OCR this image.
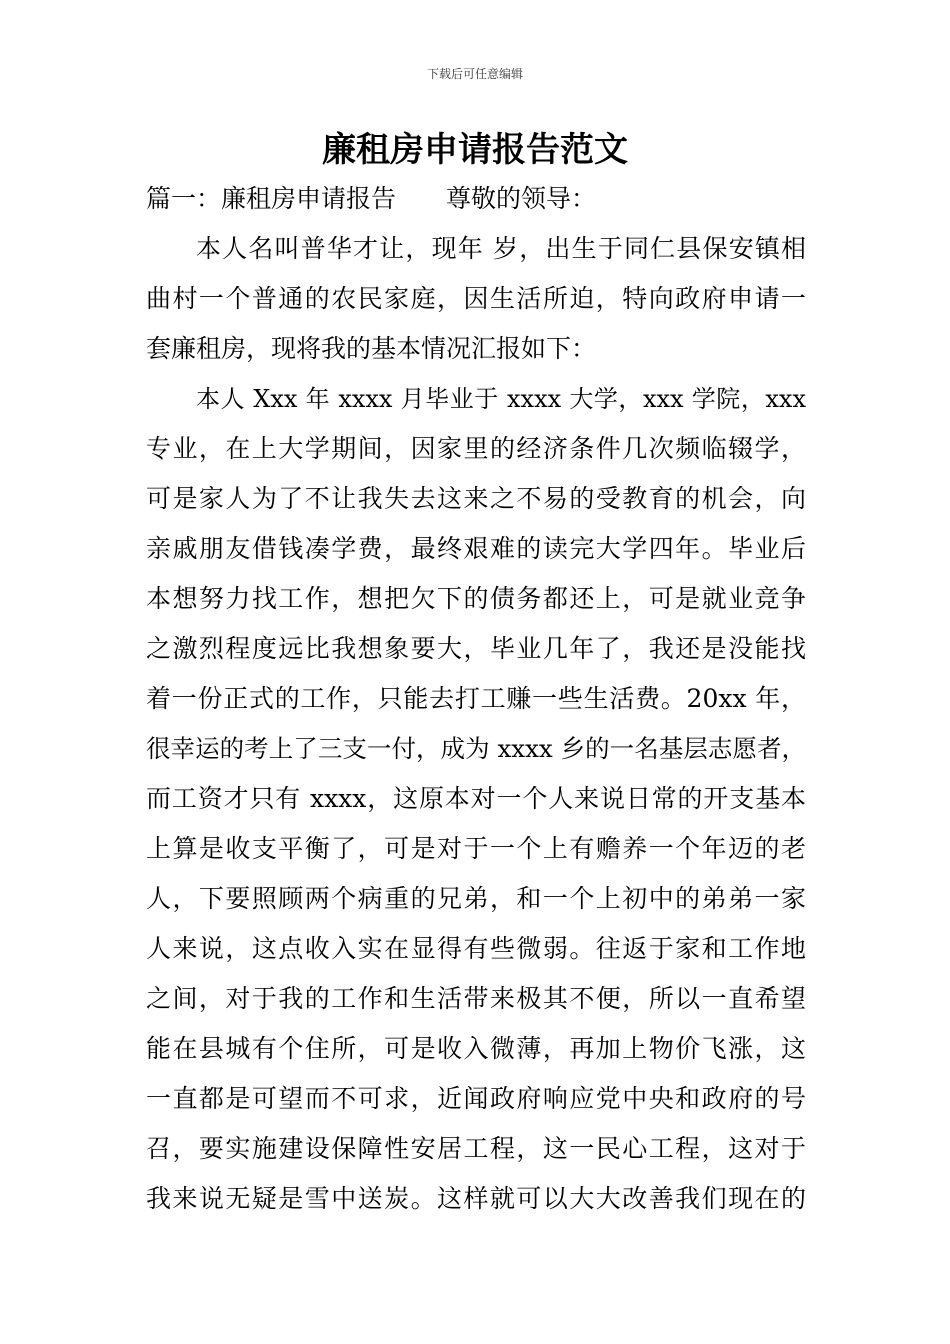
下载后可任意编辑
廉租房申请报告范文
篇一：廉租房申请报告 尊敬的领导：
本人名叫普华才让，现年 岁，出生于同仁县保安镇相
曲村一个普通的农民家庭，因生活所迫，特向政府申请一
套廉租房，现将我的基本情况汇报如下：
本人 Xxx 年 xxxx 月毕业于 xxxx 大学，xxx 学院，xxx
专业，在上大学期间，因家里的经济条件几次频临辍学，
可是家人为了不让我失去这来之不易的受教育的机会，向
亲戚朋友借钱凑学费，最终艰难的读完大学四年。毕业后
本想努力找工作，想把欠下的债务都还上，可是就业竞争
之激烈程度远比我想象要大，毕业几年了，我还是没能找
着一份正式的工作，只能去打工赚一些生活费。20xx 年，
很幸运的考上了三支一付，成为 xxxx 乡的一名基层志愿者，
而工资才只有 xxxx，这原本对一个人来说日常的开支基本
上算是收支平衡了，可是对于一个上有赡养一个年迈的老
人，下要照顾两个病重的兄弟，和一个上初中的弟弟一家
人来说，这点收入实在显得有些微弱。往返于家和工作地
之间，对于我的工作和生活带来极其不便，所以一直希望
能在县城有个住所，可是收入微薄，再加上物价飞涨，这
一直都是可望而不可求，近闻政府响应党中央和政府的号
召，要实施建设保障性安居工程，这一民心工程，这对于
我来说无疑是雪中送炭。这样就可以大大改善我们现在的
